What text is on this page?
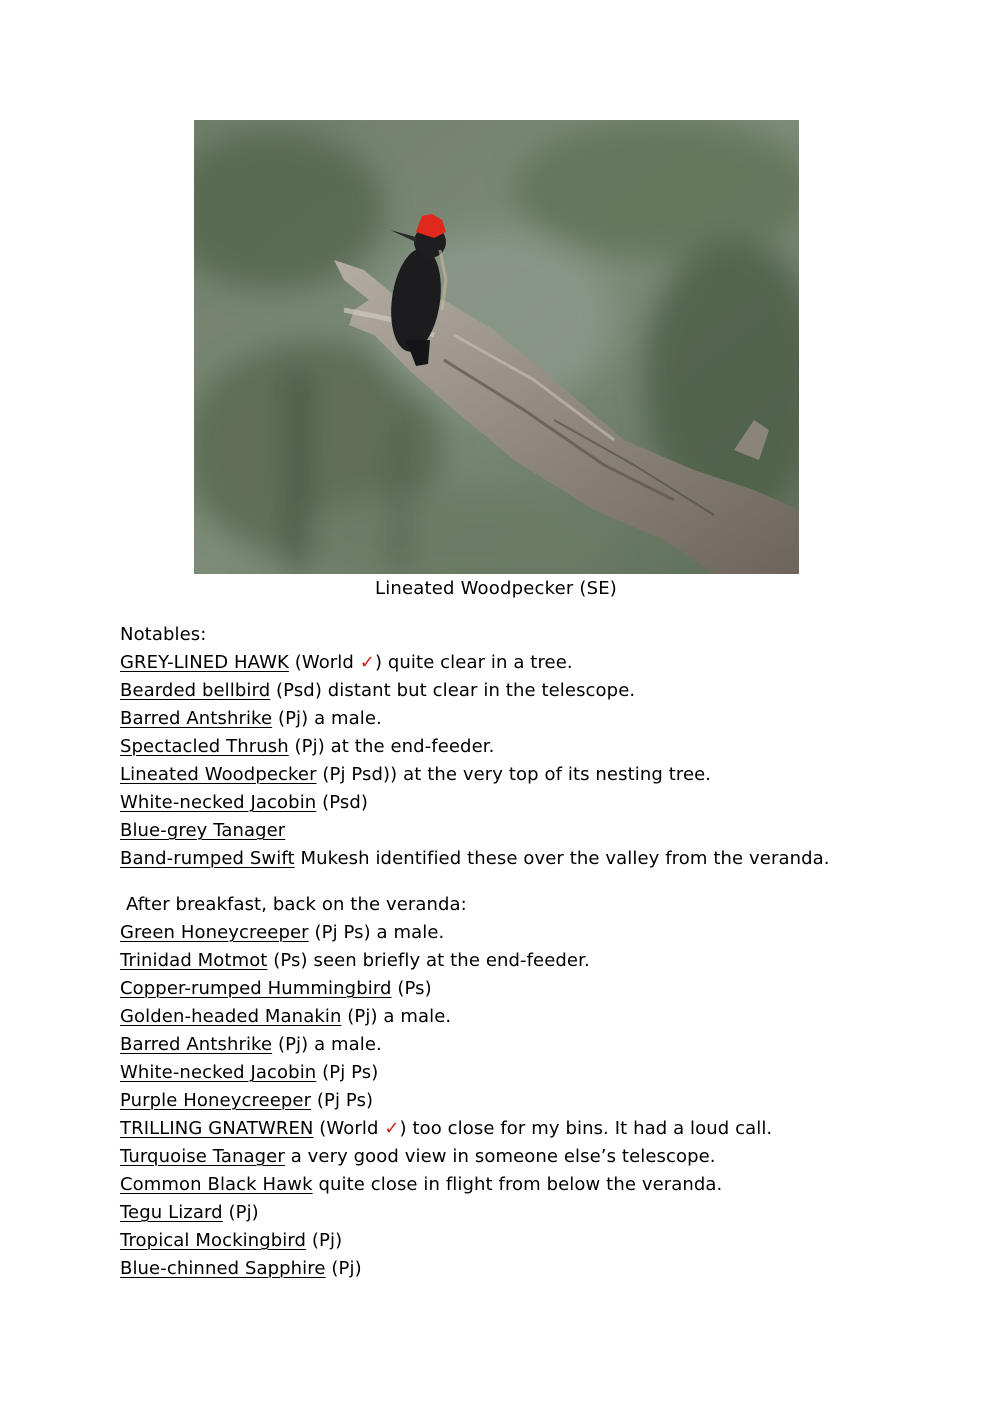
Lineated Woodpecker (SE)
Notables:
GREY-LINED HAWK (World ✓) quite clear in a tree.
Bearded bellbird (Psd) distant but clear in the telescope.
Barred Antshrike (Pj) a male.
Spectacled Thrush (Pj) at the end-feeder.
Lineated Woodpecker (Pj Psd)) at the very top of its nesting tree.
White-necked Jacobin (Psd)
Blue-grey Tanager
Band-rumped Swift Mukesh identified these over the valley from the veranda.
After breakfast, back on the veranda:
Green Honeycreeper (Pj Ps) a male.
Trinidad Motmot (Ps) seen briefly at the end-feeder.
Copper-rumped Hummingbird (Ps)
Golden-headed Manakin (Pj) a male.
Barred Antshrike (Pj) a male.
White-necked Jacobin (Pj Ps)
Purple Honeycreeper (Pj Ps)
TRILLING GNATWREN (World ✓) too close for my bins. It had a loud call.
Turquoise Tanager a very good view in someone else’s telescope.
Common Black Hawk quite close in flight from below the veranda.
Tegu Lizard (Pj)
Tropical Mockingbird (Pj)
Blue-chinned Sapphire (Pj)
